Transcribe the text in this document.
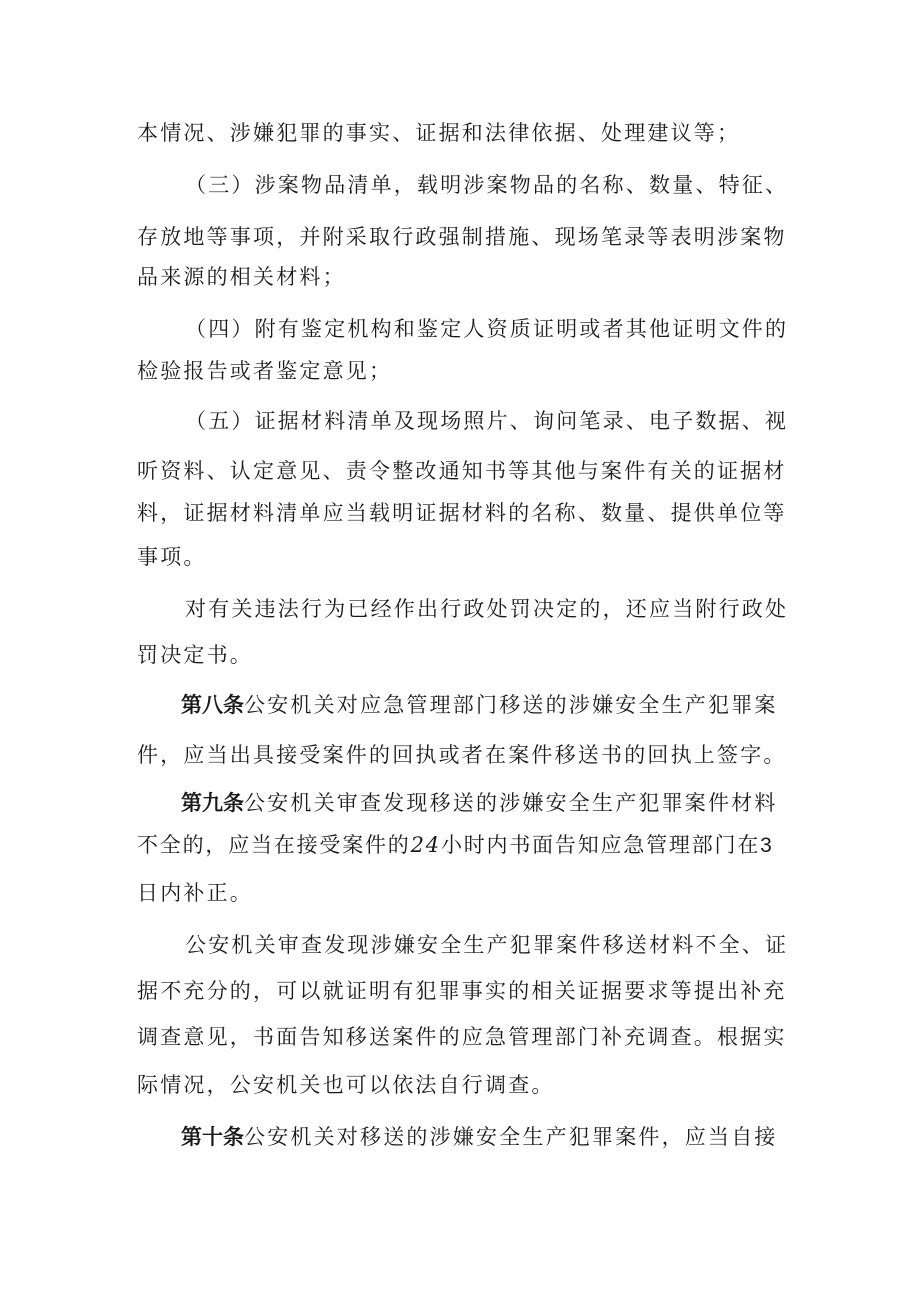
本情况、涉嫌犯罪的事实、证据和法律依据、处理建议等；
（三）涉案物品清单，载明涉案物品的名称、数量、特征、
存放地等事项，并附采取行政强制措施、现场笔录等表明涉案物
品来源的相关材料；
（四）附有鉴定机构和鉴定人资质证明或者其他证明文件的
检验报告或者鉴定意见；
（五）证据材料清单及现场照片、询问笔录、电子数据、视
听资料、认定意见、责令整改通知书等其他与案件有关的证据材
料，证据材料清单应当载明证据材料的名称、数量、提供单位等
事项。
对有关违法行为已经作出行政处罚决定的，还应当附行政处
罚决定书。
第八条公安机关对应急管理部门移送的涉嫌安全生产犯罪案
件，应当出具接受案件的回执或者在案件移送书的回执上签字。
第九条公安机关审查发现移送的涉嫌安全生产犯罪案件材料
不全的，应当在接受案件的24小时内书面告知应急管理部门在3
日内补正。
公安机关审查发现涉嫌安全生产犯罪案件移送材料不全、证
据不充分的，可以就证明有犯罪事实的相关证据要求等提出补充
调查意见，书面告知移送案件的应急管理部门补充调查。根据实
际情况，公安机关也可以依法自行调查。
第十条公安机关对移送的涉嫌安全生产犯罪案件，应当自接
